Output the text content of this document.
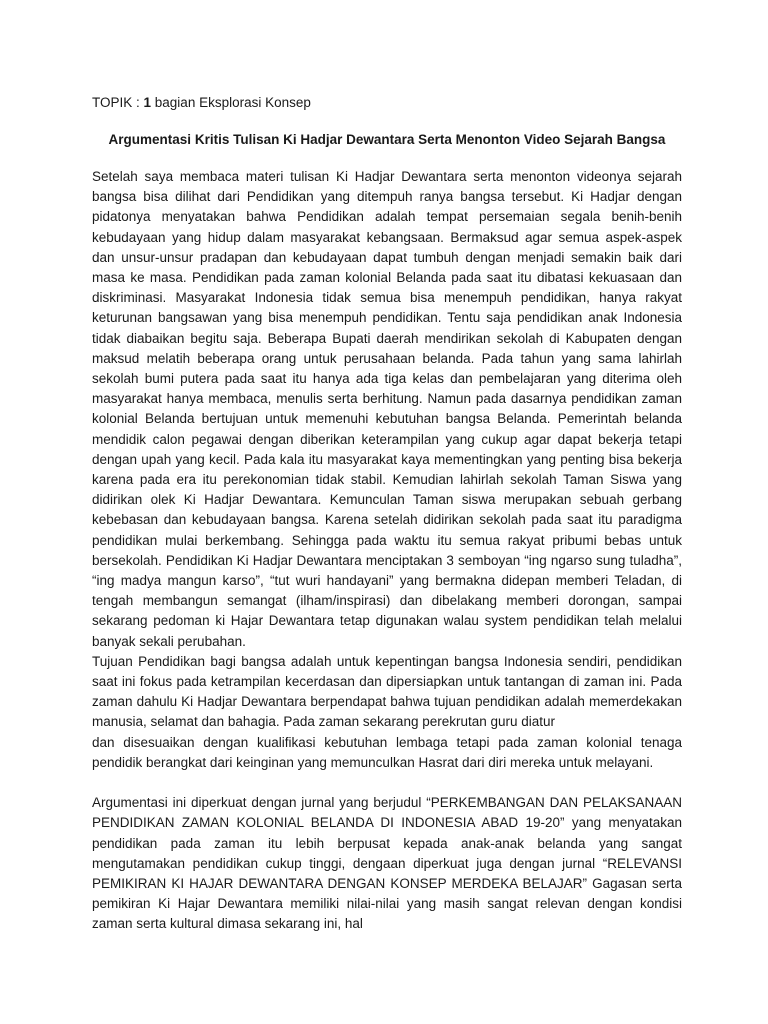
TOPIK : 1 bagian Eksplorasi Konsep

Argumentasi Kritis Tulisan Ki Hadjar Dewantara Serta Menonton Video Sejarah Bangsa

Setelah saya membaca materi tulisan Ki Hadjar Dewantara serta menonton videonya sejarah bangsa bisa dilihat dari Pendidikan yang ditempuh ranya bangsa tersebut. Ki Hadjar dengan pidatonya menyatakan bahwa Pendidikan adalah tempat persemaian segala benih-benih kebudayaan yang hidup dalam masyarakat kebangsaan. Bermaksud agar semua aspek-aspek dan unsur-unsur pradapan dan kebudayaan dapat tumbuh dengan menjadi semakin baik dari masa ke masa. Pendidikan pada zaman kolonial Belanda pada saat itu dibatasi kekuasaan dan diskriminasi. Masyarakat Indonesia tidak semua bisa menempuh pendidikan, hanya rakyat keturunan bangsawan yang bisa menempuh pendidikan. Tentu saja pendidikan anak Indonesia tidak diabaikan begitu saja. Beberapa Bupati daerah mendirikan sekolah di Kabupaten dengan maksud melatih beberapa orang untuk perusahaan belanda. Pada tahun yang sama lahirlah sekolah bumi putera pada saat itu hanya ada tiga kelas dan pembelajaran yang diterima oleh masyarakat hanya membaca, menulis serta berhitung. Namun pada dasarnya pendidikan zaman kolonial Belanda bertujuan untuk memenuhi kebutuhan bangsa Belanda. Pemerintah belanda mendidik calon pegawai dengan diberikan keterampilan yang cukup agar dapat bekerja tetapi dengan upah yang kecil. Pada kala itu masyarakat kaya mementingkan yang penting bisa bekerja karena pada era itu perekonomian tidak stabil. Kemudian lahirlah sekolah Taman Siswa yang didirikan olek Ki Hadjar Dewantara. Kemunculan Taman siswa merupakan sebuah gerbang kebebasan dan kebudayaan bangsa. Karena setelah didirikan sekolah pada saat itu paradigma pendidikan mulai berkembang. Sehingga pada waktu itu semua rakyat pribumi bebas untuk bersekolah. Pendidikan Ki Hadjar Dewantara menciptakan 3 semboyan “ing ngarso sung tuladha”, “ing madya mangun karso”, “tut wuri handayani” yang bermakna didepan memberi Teladan, di tengah membangun semangat (ilham/inspirasi) dan dibelakang memberi dorongan, sampai sekarang pedoman ki Hajar Dewantara tetap digunakan walau system pendidikan telah melalui banyak sekali perubahan.

Tujuan Pendidikan bagi bangsa adalah untuk kepentingan bangsa Indonesia sendiri, pendidikan saat ini fokus pada ketrampilan kecerdasan dan dipersiapkan untuk tantangan di zaman ini. Pada zaman dahulu Ki Hadjar Dewantara berpendapat bahwa tujuan pendidikan adalah memerdekakan manusia, selamat dan bahagia. Pada zaman sekarang perekrutan guru diatur

dan disesuaikan dengan kualifikasi kebutuhan lembaga tetapi pada zaman kolonial tenaga pendidik berangkat dari keinginan yang memunculkan Hasrat dari diri mereka untuk melayani.

Argumentasi ini diperkuat dengan jurnal yang berjudul “PERKEMBANGAN DAN PELAKSANAAN PENDIDIKAN ZAMAN KOLONIAL BELANDA DI INDONESIA ABAD 19-20” yang menyatakan pendidikan pada zaman itu lebih berpusat kepada anak-anak belanda yang sangat mengutamakan pendidikan cukup tinggi, dengaan diperkuat juga dengan jurnal “RELEVANSI PEMIKIRAN KI HAJAR DEWANTARA DENGAN KONSEP MERDEKA BELAJAR” Gagasan serta pemikiran Ki Hajar Dewantara memiliki nilai-nilai yang masih sangat relevan dengan kondisi zaman serta kultural dimasa sekarang ini, hal
